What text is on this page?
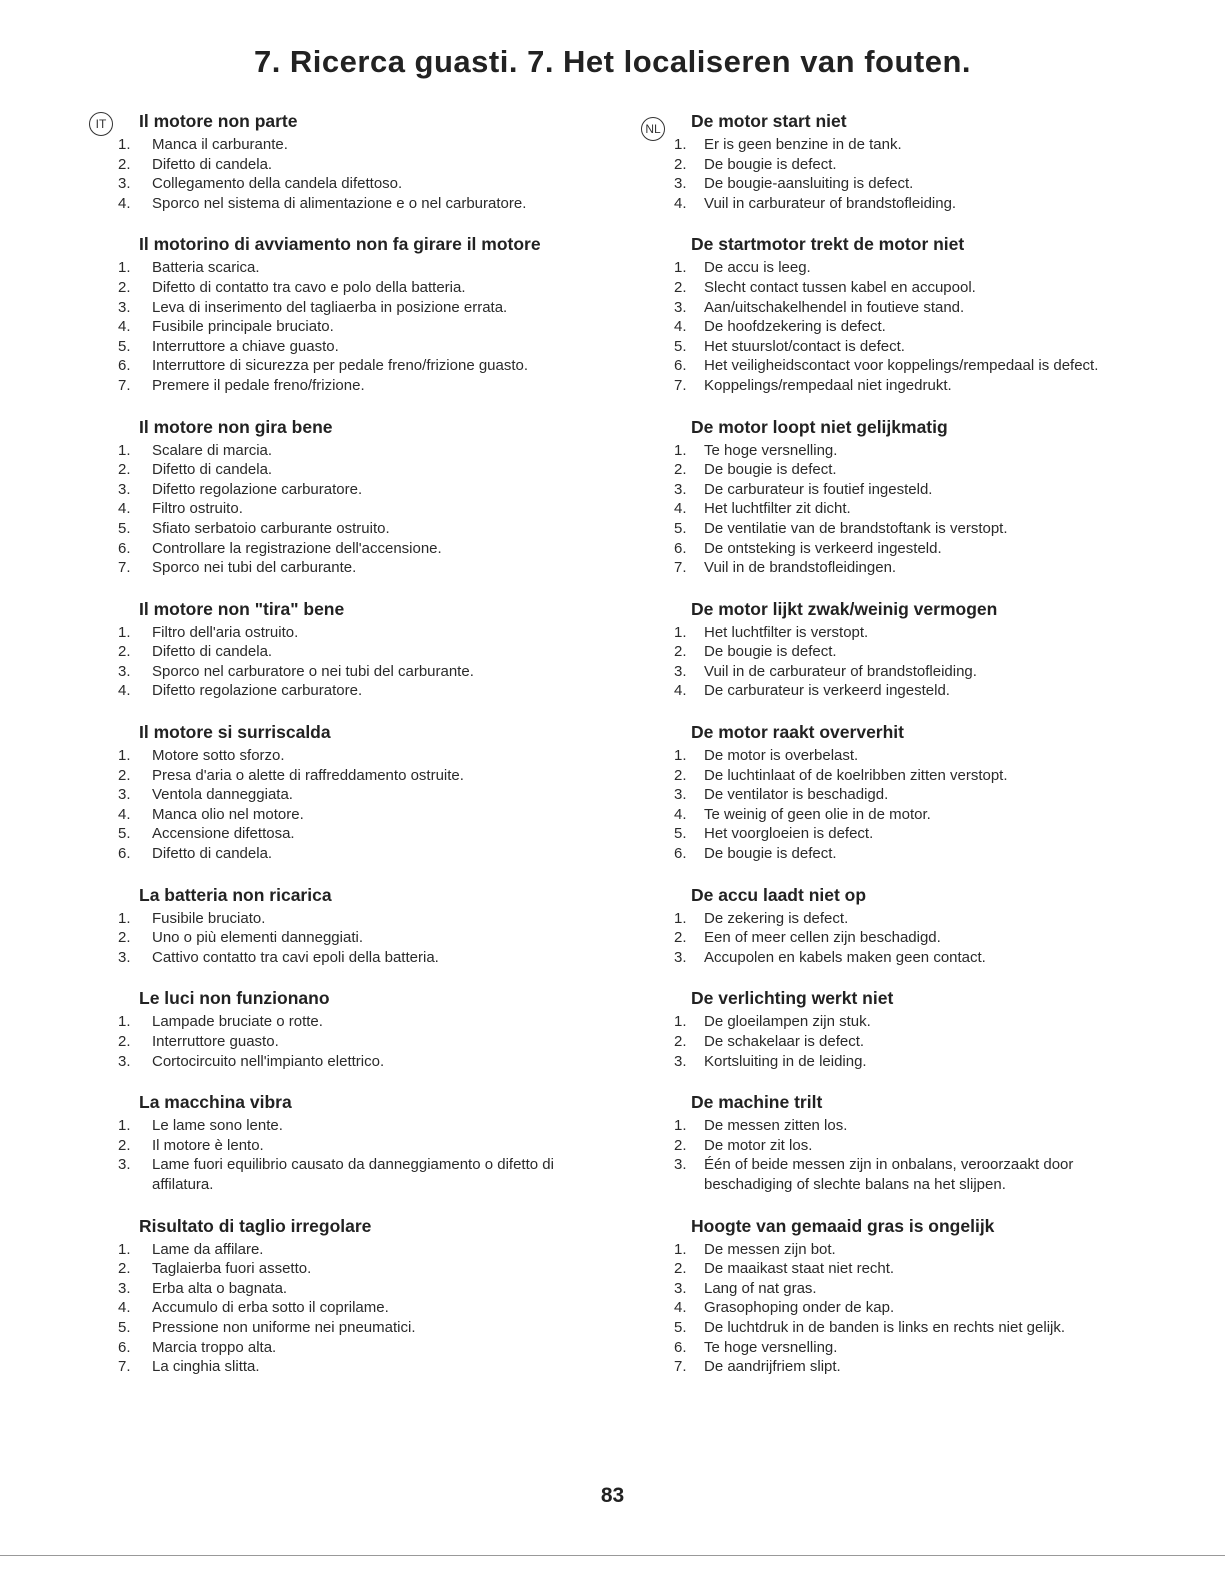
7. Ricerca guasti. 7. Het localiseren van fouten.
IT	Il motore non parte
1.	Manca il carburante.
2.	Difetto di candela.
3.	Collegamento della candela difettoso.
4.	Sporco nel sistema di alimentazione e o nel carburatore.
Il motorino di avviamento non fa girare il motore
1.	Batteria scarica.
2.	Difetto di contatto tra cavo e polo della batteria.
3.	Leva di inserimento del tagliaerba in posizione errata.
4.	Fusibile principale bruciato.
5.	Interruttore a chiave guasto.
6.	Interruttore di sicurezza per pedale freno/frizione guasto.
7.	Premere il pedale freno/frizione.
Il motore non gira bene
1.	Scalare di marcia.
2.	Difetto di candela.
3.	Difetto regolazione carburatore.
4.	Filtro ostruito.
5.	Sfiato serbatoio carburante ostruito.
6.	Controllare la registrazione dell'accensione.
7.	Sporco nei tubi del carburante.
Il motore non "tira" bene
1.	Filtro dell'aria ostruito.
2.	Difetto di candela.
3.	Sporco nel carburatore o nei tubi del carburante.
4.	Difetto regolazione carburatore.
Il motore si surriscalda
1.	Motore sotto sforzo.
2.	Presa d'aria o alette di raffreddamento ostruite.
3.	Ventola danneggiata.
4.	Manca olio nel motore.
5.	Accensione difettosa.
6.	Difetto di candela.
La batteria non ricarica
1.	Fusibile bruciato.
2.	Uno o più elementi danneggiati.
3.	Cattivo contatto tra cavi epoli della batteria.
Le luci non funzionano
1.	Lampade bruciate o rotte.
2.	Interruttore guasto.
3.	Cortocircuito nell'impianto elettrico.
La macchina vibra
1.	Le lame sono lente.
2.	Il motore è lento.
3.	Lame fuori equilibrio causato da danneggiamento o difetto di affilatura.
Risultato di taglio irregolare
1.	Lame da affilare.
2.	Taglaierba fuori assetto.
3.	Erba alta o bagnata.
4.	Accumulo di erba sotto il coprilame.
5.	Pressione non uniforme nei pneumatici.
6.	Marcia troppo alta.
7.	La cinghia slitta.
NL De motor start niet
1.	Er is geen benzine in de tank.
2.	De bougie is defect.
3.	De bougie-aansluiting is defect.
4.	Vuil in carburateur of brandstofleiding.
De startmotor trekt de motor niet
1.	De accu is leeg.
2.	Slecht contact tussen kabel en accupool.
3.	Aan/uitschakelhendel in foutieve stand.
4.	De hoofdzekering is defect.
5.	Het stuurslot/contact is defect.
6.	Het veiligheidscontact voor koppelings/rempedaal is defect.
7.	Koppelings/rempedaal niet ingedrukt.
De motor loopt niet gelijkmatig
1.	Te hoge versnelling.
2.	De bougie is defect.
3.	De carburateur is foutief ingesteld.
4.	Het luchtfilter zit dicht.
5.	De ventilatie van de brandstoftank is verstopt.
6.	De ontsteking is verkeerd ingesteld.
7.	Vuil in de brandstofleidingen.
De motor lijkt zwak/weinig vermogen
1.	Het luchtfilter is verstopt.
2.	De bougie is defect.
3.	Vuil in de carburateur of brandstofleiding.
4.	De carburateur is verkeerd ingesteld.
De motor raakt oververhit
1.	De motor is overbelast.
2.	De luchtinlaat of de koelribben zitten verstopt.
3.	De ventilator is beschadigd.
4.	Te weinig of geen olie in de motor.
5.	Het voorgloeien is defect.
6.	De bougie is defect.
De accu laadt niet op
1.	De zekering is defect.
2.	Een of meer cellen zijn beschadigd.
3.	Accupolen en kabels maken geen contact.
De verlichting werkt niet
1.	De gloeilampen zijn stuk.
2.	De schakelaar is defect.
3.	Kortsluiting in de leiding.
De machine trilt
1.	De messen zitten los.
2.	De motor zit los.
3.	Één of beide messen zijn in onbalans, veroorzaakt door beschadiging of slechte balans na het slijpen.
Hoogte van gemaaid gras is ongelijk
1.	De messen zijn bot.
2.	De maaikast staat niet recht.
3.	Lang of nat gras.
4.	Grasophoping onder de kap.
5.	De luchtdruk in de banden is links en rechts niet gelijk.
6.	Te hoge versnelling.
7.	De aandrijfriem slipt.
83
